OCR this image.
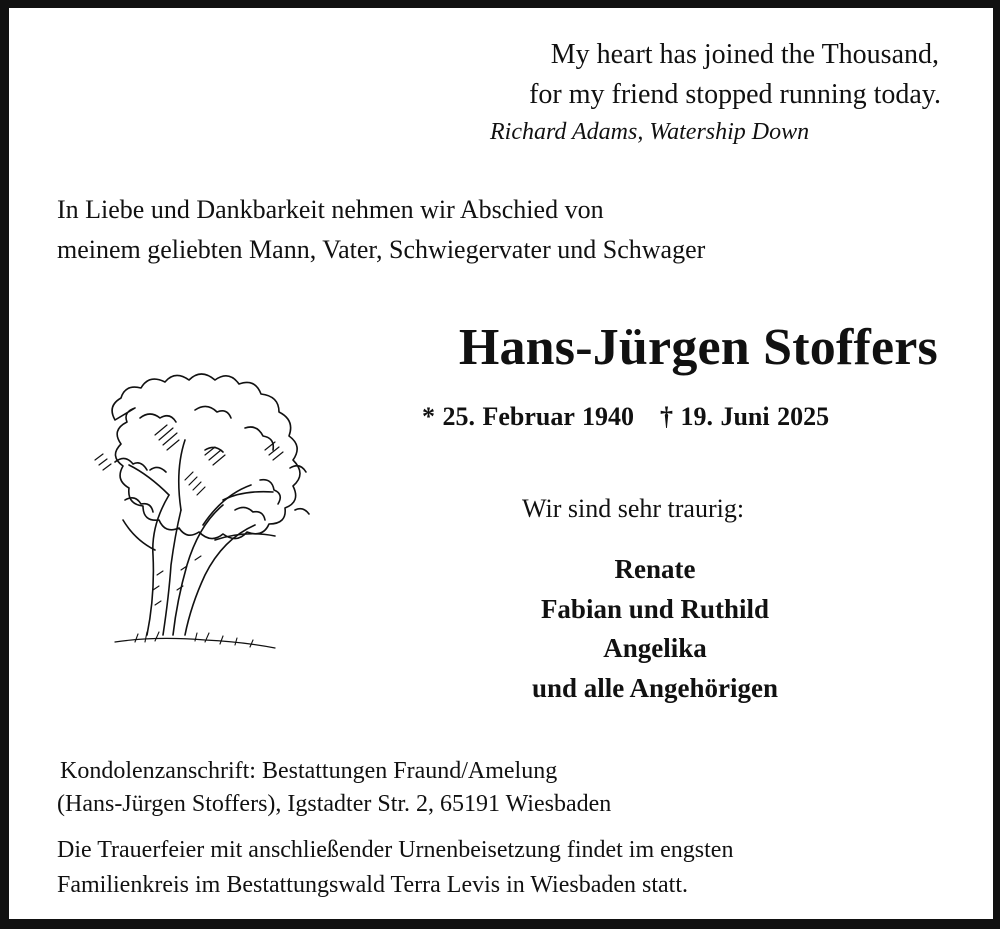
My heart has joined the Thousand,
for my friend stopped running today.
Richard Adams, Watership Down
In Liebe und Dankbarkeit nehmen wir Abschied von
meinem geliebten Mann, Vater, Schwiegervater und Schwager
Hans-Jürgen Stoffers
* 25. Februar 1940 † 19. Juni 2025
Wir sind sehr traurig:
Renate
Fabian und Ruthild
Angelika
und alle Angehörigen
Kondolenzanschrift: Bestattungen Fraund/Amelung
(Hans-Jürgen Stoffers), Igstadter Str. 2, 65191 Wiesbaden
Die Trauerfeier mit anschließender Urnenbeisetzung findet im engsten
Familienkreis im Bestattungswald Terra Levis in Wiesbaden statt.
